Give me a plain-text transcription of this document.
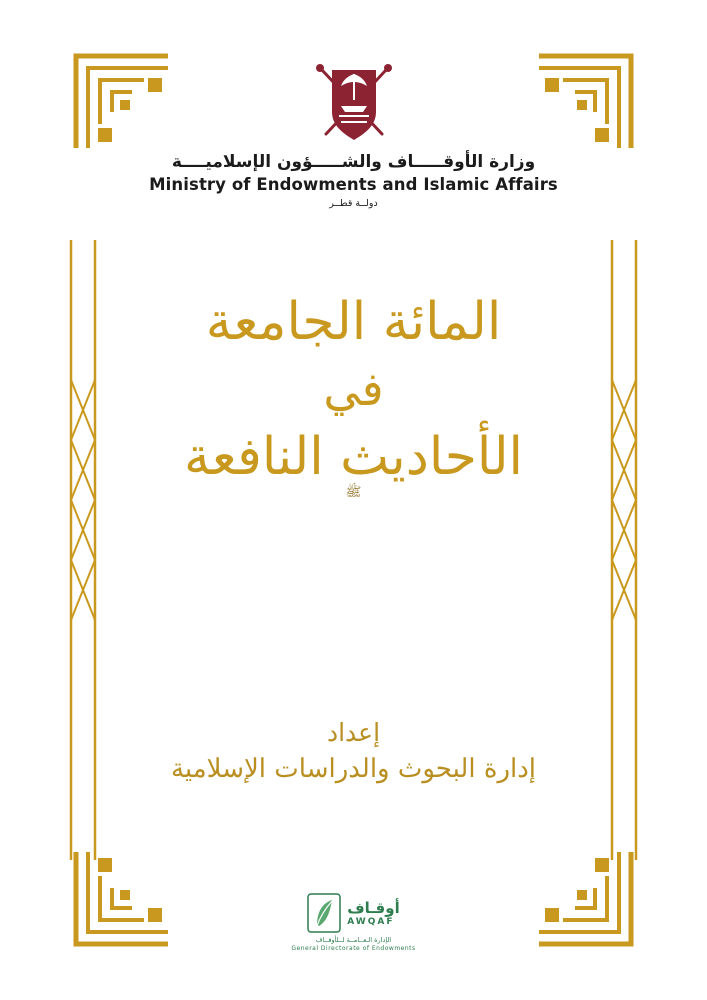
وزارة الأوقـــــاف والشـــــؤون الإسلاميــــة
Ministry of Endowments and Islamic Affairs
دولــة قطــر
المائة الجامعة
في
الأحاديث النافعة
ﷺ
إعداد
إدارة البحوث والدراسات الإسلامية
أوقـاف
AWQAF
الإدارة الـعــامــة لــلأوقــاف
General Directorate of Endowments
